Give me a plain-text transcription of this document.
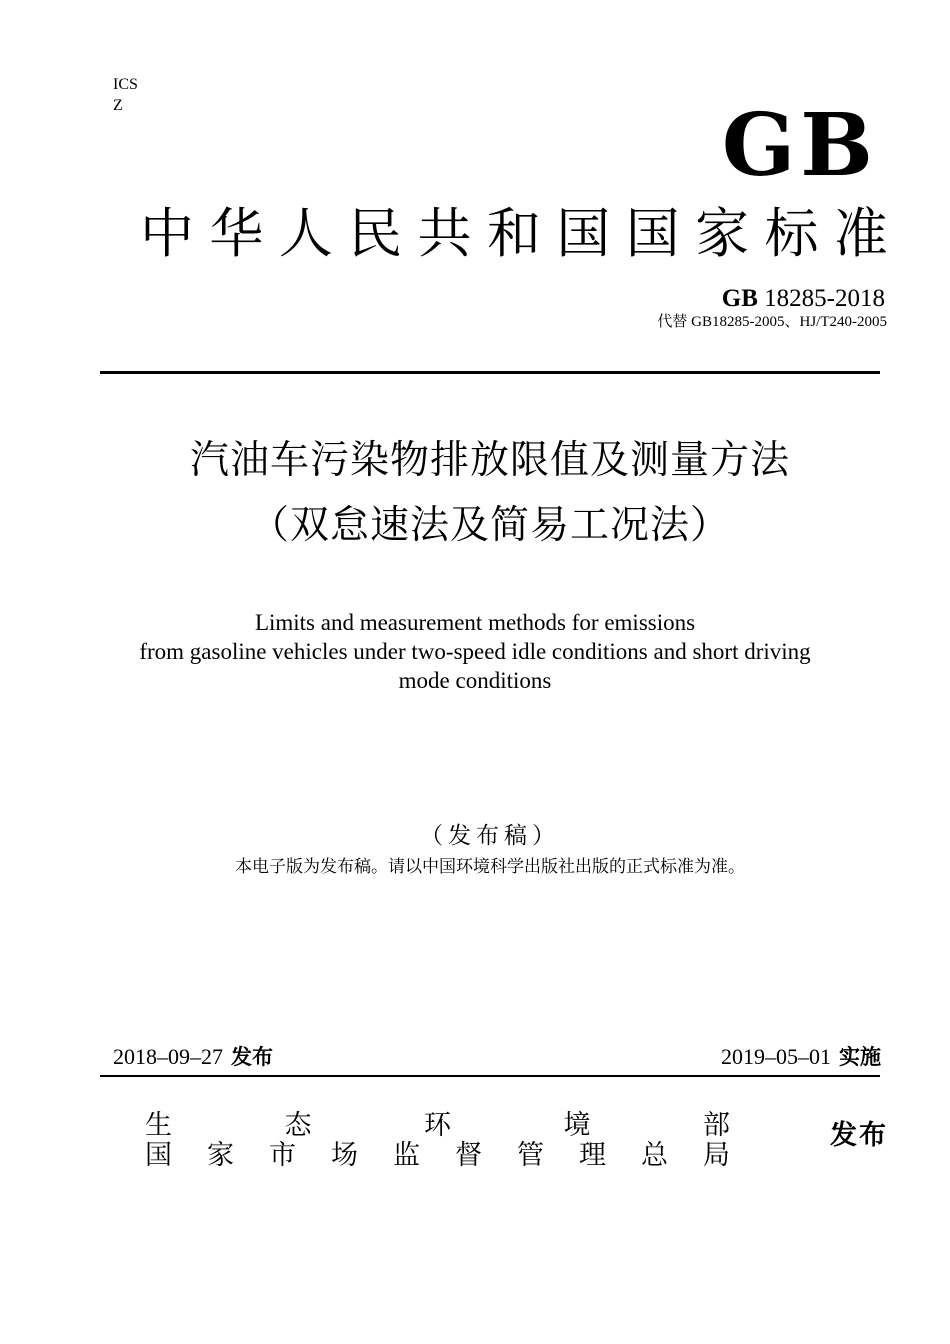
ICS
Z	GB
中 华 人 民 共 和 国 国 家 标 准
GB 18285-2018
代替 GB18285-2005、HJ/T240-2005
汽油车污染物排放限值及测量方法
（双怠速法及简易工况法）
Limits and measurement methods for emissions
from gasoline vehicles under two-speed idle conditions and short driving
mode conditions
（发布稿）
本电子版为发布稿。请以中国环境科学出版社出版的正式标准为准。
2018–09–27 发布	2019–05–01 实施
生	态	环	境	部
国 家 市 场 监 督 管 理 总 局
发布
